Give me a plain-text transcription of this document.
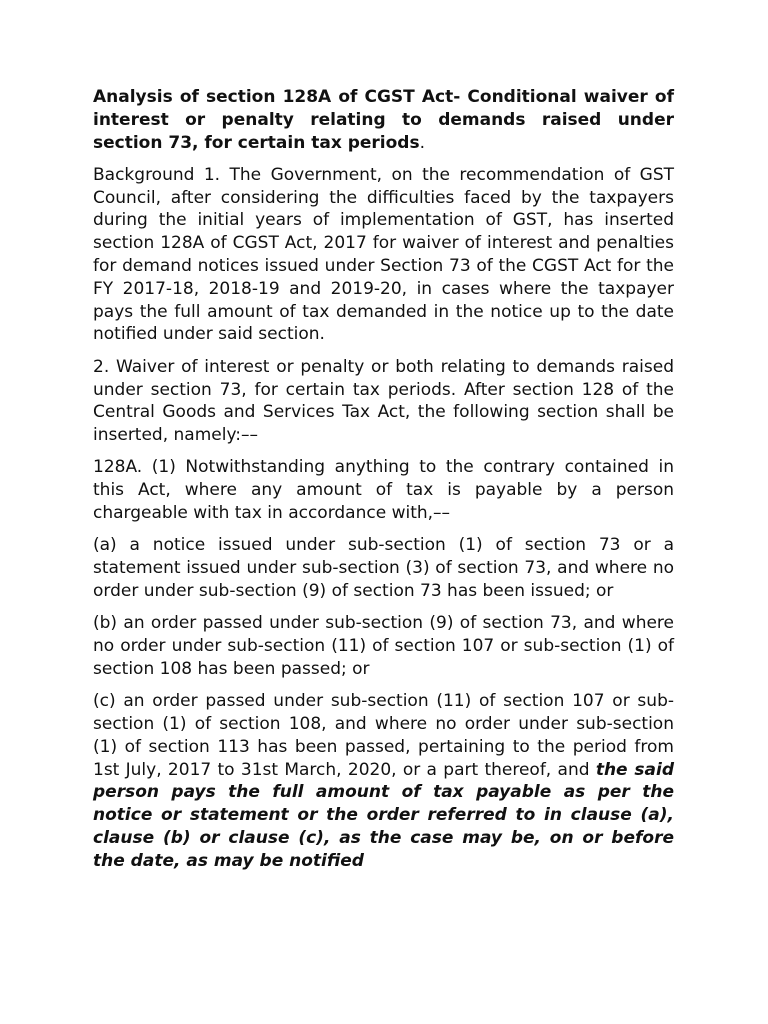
Analysis of section 128A of CGST Act- Conditional waiver of interest or penalty relating to demands raised under section 73, for certain tax periods.

Background 1. The Government, on the recommendation of GST Council, after considering the difficulties faced by the taxpayers during the initial years of implementation of GST, has inserted section 128A of CGST Act, 2017 for waiver of interest and penalties for demand notices issued under Section 73 of the CGST Act for the FY 2017-18, 2018-19 and 2019-20, in cases where the taxpayer pays the full amount of tax demanded in the notice up to the date notified under said section.

2. Waiver of interest or penalty or both relating to demands raised under section 73, for certain tax periods. After section 128 of the Central Goods and Services Tax Act, the following section shall be inserted, namely:––

128A. (1) Notwithstanding anything to the contrary contained in this Act, where any amount of tax is payable by a person chargeable with tax in accordance with,––

(a) a notice issued under sub-section (1) of section 73 or a statement issued under sub-section (3) of section 73, and where no order under sub-section (9) of section 73 has been issued; or

(b) an order passed under sub-section (9) of section 73, and where no order under sub-section (11) of section 107 or sub-section (1) of section 108 has been passed; or

(c) an order passed under sub-section (11) of section 107 or sub-section (1) of section 108, and where no order under sub-section (1) of section 113 has been passed, pertaining to the period from 1st July, 2017 to 31st March, 2020, or a part thereof, and the said person pays the full amount of tax payable as per the notice or statement or the order referred to in clause (a), clause (b) or clause (c), as the case may be, on or before the date, as may be notified
